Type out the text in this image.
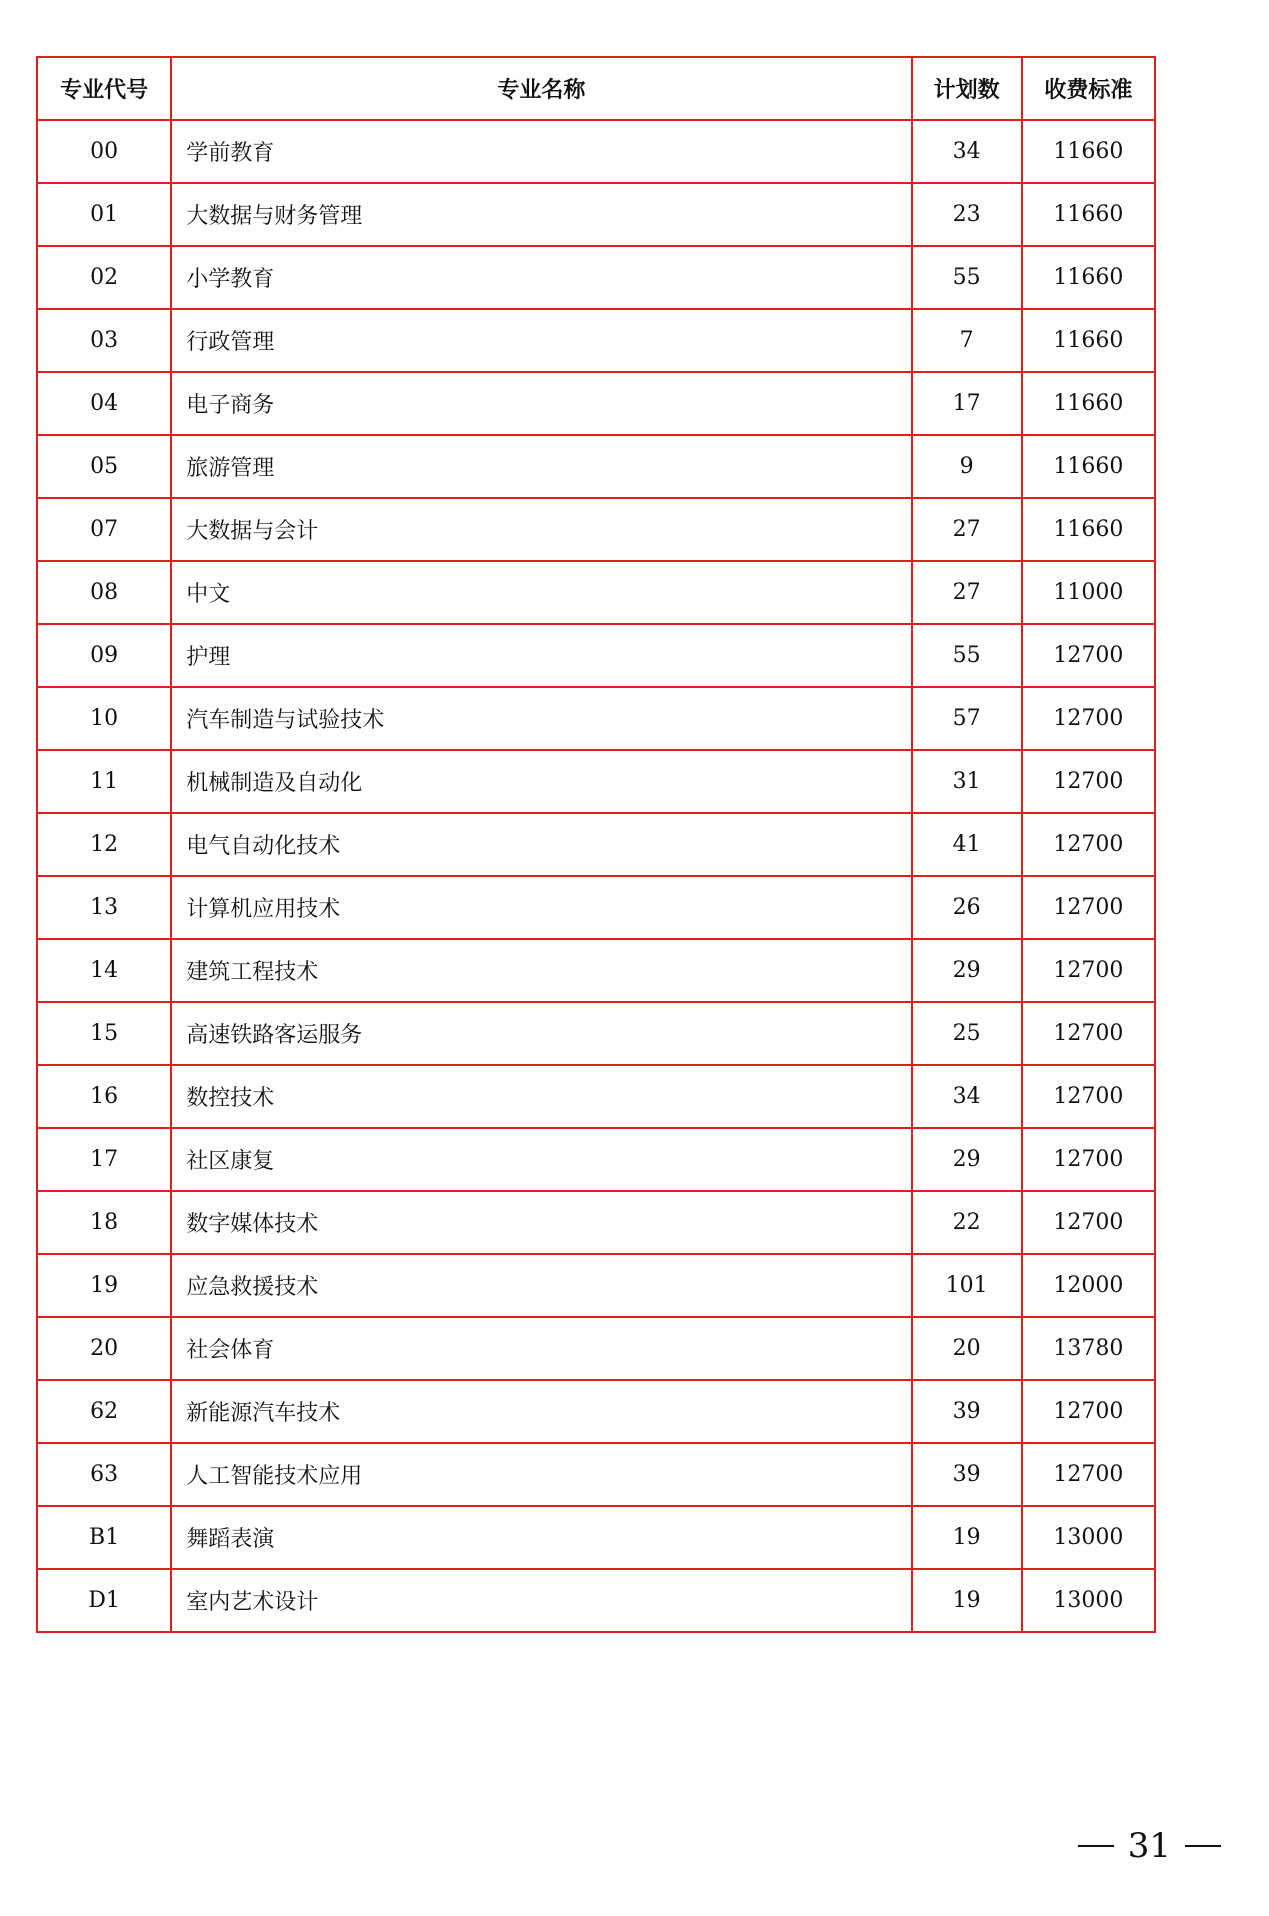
专业代号	专业名称	计划数	收费标准
00	学前教育	34	11660
01	大数据与财务管理	23	11660
02	小学教育	55	11660
03	行政管理	7	11660
04	电子商务	17	11660
05	旅游管理	9	11660
07	大数据与会计	27	11660
08	中文	27	11000
09	护理	55	12700
10	汽车制造与试验技术	57	12700
11	机械制造及自动化	31	12700
12	电气自动化技术	41	12700
13	计算机应用技术	26	12700
14	建筑工程技术	29	12700
15	高速铁路客运服务	25	12700
16	数控技术	34	12700
17	社区康复	29	12700
18	数字媒体技术	22	12700
19	应急救援技术	101	12000
20	社会体育	20	13780
62	新能源汽车技术	39	12700
63	人工智能技术应用	39	12700
B1	舞蹈表演	19	13000
D1	室内艺术设计	19	13000
31
